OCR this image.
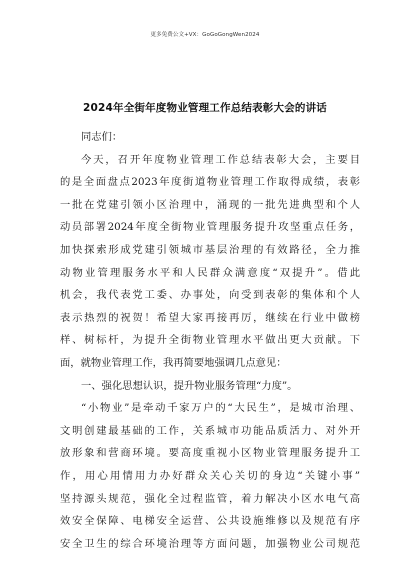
更多免费公文+VX：GoGoGongWen2024
2024年全街年度物业管理工作总结表彰大会的讲话
同志们：
今天，召开年度物业管理工作总结表彰大会，主要目
的是全面盘点2023年度街道物业管理工作取得成绩，表彰
一批在党建引领小区治理中，涌现的一批先进典型和个人
动员部署2024年度全街物业管理服务提升攻坚重点任务，
加快探索形成党建引领城市基层治理的有效路径，全力推
动物业管理服务水平和人民群众满意度“双提升”。借此
机会，我代表党工委、办事处，向受到表彰的集体和个人
表示热烈的祝贺！希望大家再接再厉，继续在行业中做榜
样、树标杆，为提升全街物业管理水平做出更大贡献。下
面，就物业管理工作，我再简要地强调几点意见：
一、强化思想认识，提升物业服务管理“力度”。
“小物业”是牵动千家万户的“大民生”，是城市治理、
文明创建最基础的工作，关系城市功能品质活力、对外开
放形象和营商环境。要高度重视小区物业管理服务提升工
作，用心用情用力办好群众关心关切的身边“关键小事”
坚持源头规范，强化全过程监管，着力解决小区水电气高
效安全保障、电梯安全运营、公共设施维修以及规范有序
安全卫生的综合环境治理等方面问题，加强物业公司规范
